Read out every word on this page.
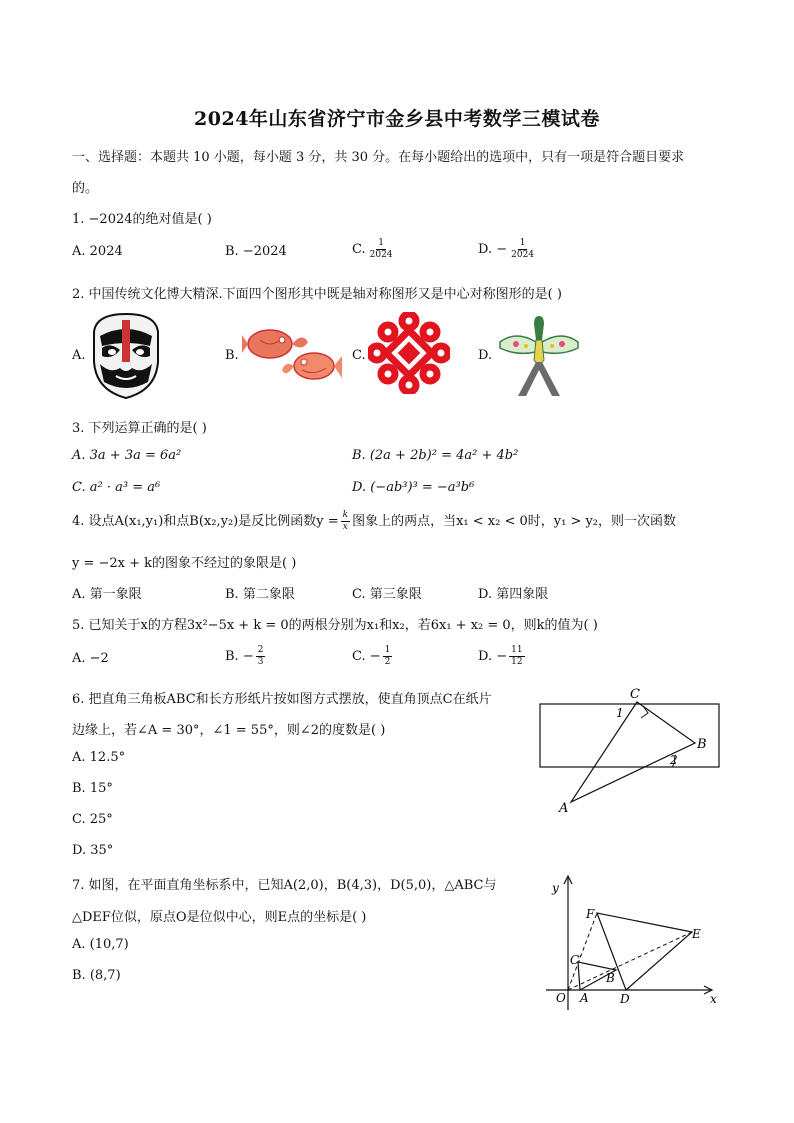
2024年山东省济宁市金乡县中考数学三模试卷
一、选择题：本题共 10 小题，每小题 3 分，共 30 分。在每小题给出的选项中，只有一项是符合题目要求
的。
1. −2024的绝对值是( )
A. 2024	B. −2024	C. $\frac{1}{2024}$	D. − $\frac{1}{2024}$
2. 中国传统文化博大精深.下面四个图形其中既是轴对称图形又是中心对称图形的是( )
A.	B.	C.	D.
3. 下列运算正确的是( )
A. 3a + 3a = 6a²	B. (2a + 2b)² = 4a² + 4b²
C. a² · a³ = a⁶	D. (−ab³)³ = −a³b⁶
4. 设点A(x₁,y₁)和点B(x₂,y₂)是反比例函数$y = \frac{k}{x}$ 图象上的两点，当x₁ < x₂ < 0时，y₁ > y₂，则一次函数
y = −2x + k的图象不经过的象限是( )
A. 第一象限	B. 第二象限	C. 第三象限	D. 第四象限
5. 已知关于x的方程3x²−5x + k = 0的两根分别为x₁和x₂，若6x₁ + x₂ = 0，则k的值为( )
A. −2	B. − $\frac{2}{3}$	C. − $\frac{1}{2}$	D. − $\frac{11}{12}$
6. 把直角三角板ABC和长方形纸片按如图方式摆放，使直角顶点C在纸片
边缘上，若∠A = 30°，∠1 = 55°，则∠2的度数是( )
A. 12.5°
B. 15°
C. 25°
D. 35°
C
B
A
1
2
7. 如图，在平面直角坐标系中，已知A(2,0)，B(4,3)，D(5,0)，△ABC与
△DEF位似，原点O是位似中心，则E点的坐标是( )
A. (10,7)
B. (8,7)
y
x
O A	D
B
C′
E
F
